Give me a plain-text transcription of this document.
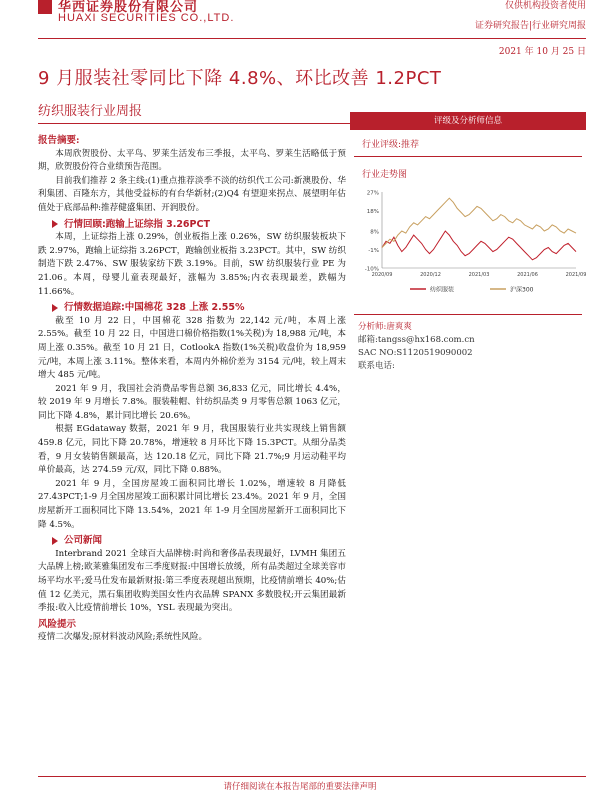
华西证券股份有限公司
HUAXI SECURITIES CO.,LTD.
仅供机构投资者使用
证券研究报告|行业研究周报
2021 年 10 月 25 日
9 月服装社零同比下降 4.8%、环比改善 1.2PCT
纺织服装行业周报
报告摘要:

本周欣贺股份、太平鸟、罗莱生活发布三季报，太平鸟、罗莱生活略低于预期，欣贺股份符合业绩预告范围。

目前我们推荐 2 条主线:(1)重点推荐淡季不淡的纺织代工公司:新澳股份、华利集团、百隆东方，其他受益标的有台华新材;(2)Q4 有望迎来拐点、展望明年估值处于底部品种:推荐健盛集团、开润股份。

行情回顾:跑输上证综指 3.26PCT

本周，上证综指上涨 0.29%，创业板指上涨 0.26%，SW 纺织服装板块下跌 2.97%，跑输上证综指 3.26PCT，跑输创业板指 3.23PCT。其中，SW 纺织制造下跌 2.47%、SW 服装家纺下跌 3.19%。目前，SW 纺织服装行业 PE 为 21.06。本周，母婴儿童表现最好，涨幅为 3.85%;内衣表现最差，跌幅为 11.66%。

行情数据追踪:中国棉花 328 上涨 2.55%

截至 10 月 22 日，中国棉花 328 指数为 22,142 元/吨，本周上涨 2.55%。截至 10 月 22 日，中国进口棉价格指数(1%关税)为 18,988 元/吨，本周上涨 0.35%。截至 10 月 21 日，CotlookA 指数(1%关税)收盘价为 18,959 元/吨，本周上涨 3.11%。整体来看，本周内外棉价差为 3154 元/吨，较上周末增大 485 元/吨。

2021 年 9 月，我国社会消费品零售总额 36,833 亿元，同比增长 4.4%，较 2019 年 9 月增长 7.8%。服装鞋帽、针纺织品类 9 月零售总额 1063 亿元，同比下降 4.8%，累计同比增长 20.6%。

根据 EGdataway 数据，2021 年 9 月，我国服装行业共实现线上销售额 459.8 亿元，同比下降 20.78%，增速较 8 月环比下降 15.3PCT。从细分品类看，9 月女装销售额最高，达 120.18 亿元，同比下降 21.7%;9 月运动鞋平均单价最高，达 274.59 元/双，同比下降 0.88%。

2021 年 9 月，全国房屋竣工面积同比增长 1.02%，增速较 8 月降低 27.43PCT;1-9 月全国房屋竣工面积累计同比增长 23.4%。2021 年 9 月，全国房屋新开工面积同比下降 13.54%，2021 年 1-9 月全国房屋新开工面积同比下降 4.5%。

公司新闻

Interbrand 2021 全球百大品牌榜:时尚和奢侈品表现最好，LVMH 集团五大品牌上榜;欧莱雅集团发布三季度财报:中国增长放缓，所有品类超过全球美容市场平均水平;爱马仕发布最新财报:第三季度表现超出预期，比疫情前增长 40%;估值 12 亿美元，黑石集团收购美国女性内衣品牌 SPANX 多数股权;开云集团最新季报:收入比疫情前增长 10%，YSL 表现最为突出。

风险提示

疫情二次爆发;原材料波动风险;系统性风险。

评级及分析师信息
行业评级:推荐
行业走势图
27%
18%
8%
-1%
-10%
2020/09	2020/12	2021/03	2021/06	2021/09
纺织服装	沪深300
分析师:唐爽爽
邮箱:tangss@hx168.com.cn
SAC NO:S1120519090002
联系电话:
请仔细阅读在本报告尾部的重要法律声明
